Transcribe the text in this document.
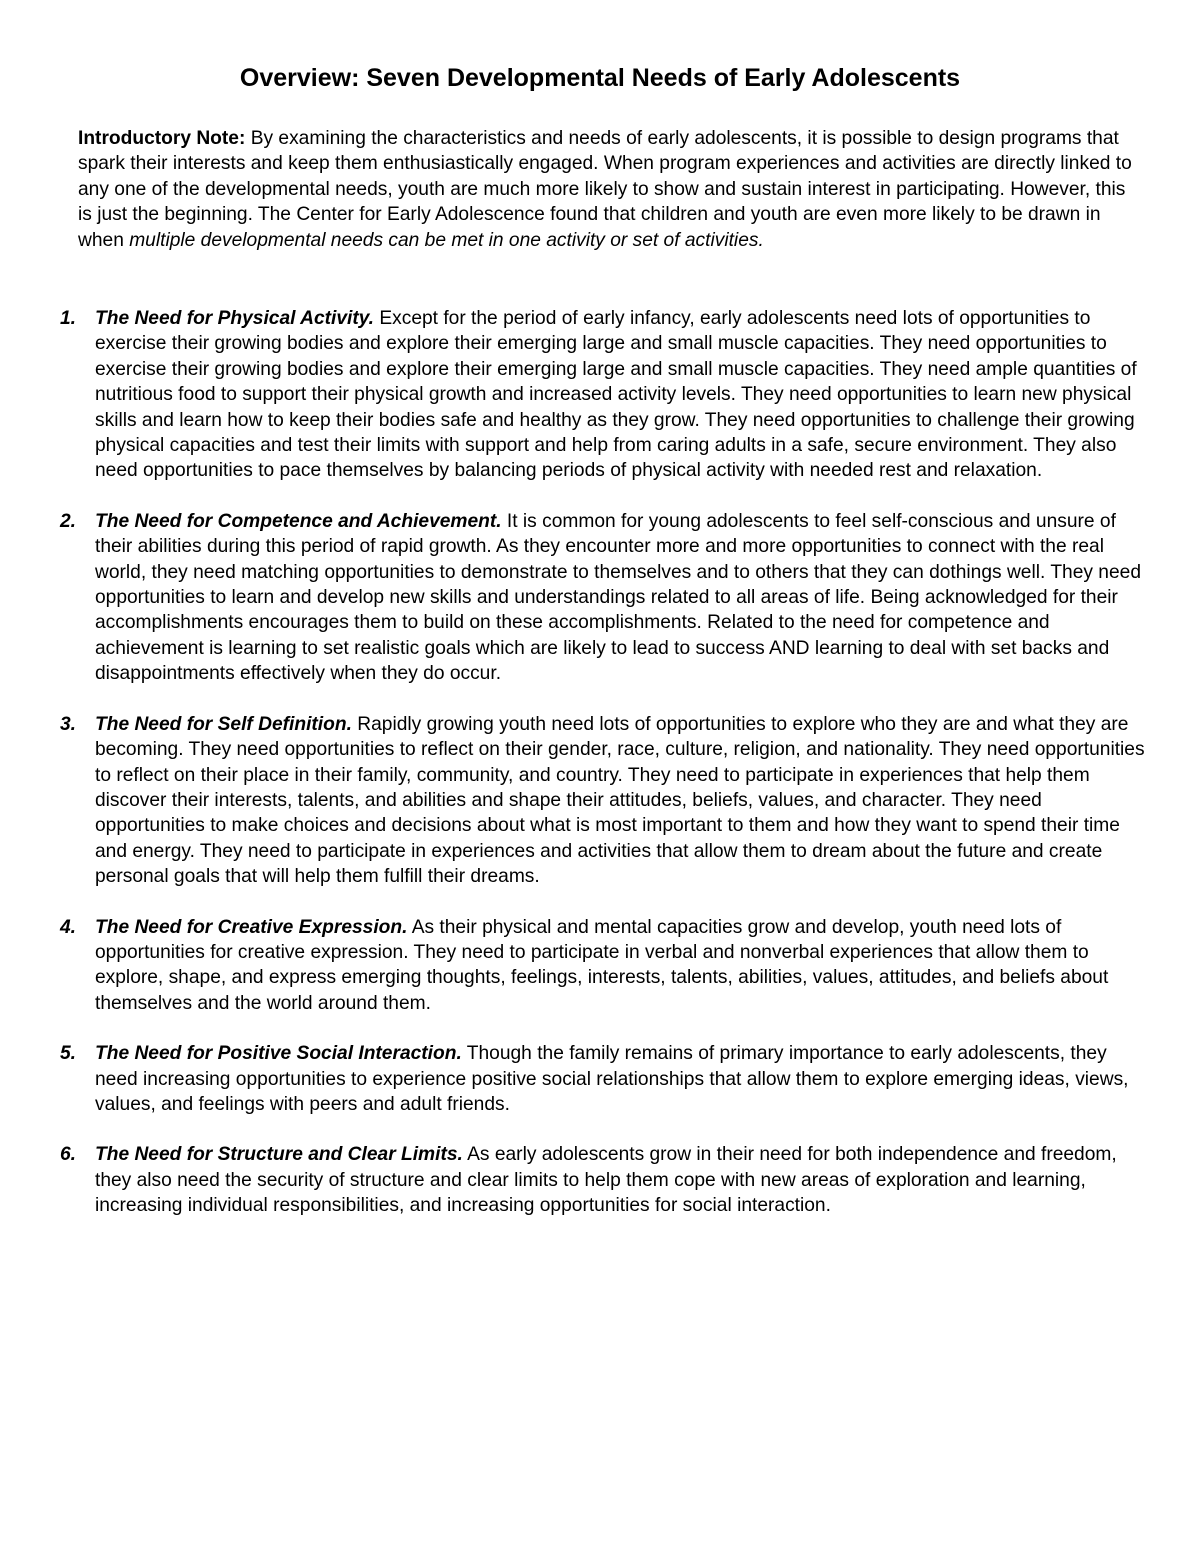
Overview: Seven Developmental Needs of Early Adolescents

Introductory Note: By examining the characteristics and needs of early adolescents, it is possible to design programs that spark their interests and keep them enthusiastically engaged. When program experiences and activities are directly linked to any one of the developmental needs, youth are much more likely to show and sustain interest in participating. However, this is just the beginning. The Center for Early Adolescence found that children and youth are even more likely to be drawn in when multiple developmental needs can be met in one activity or set of activities.

1. The Need for Physical Activity. Except for the period of early infancy, early adolescents need lots of opportunities to exercise their growing bodies and explore their emerging large and small muscle capacities. They need opportunities to exercise their growing bodies and explore their emerging large and small muscle capacities. They need ample quantities of nutritious food to support their physical growth and increased activity levels. They need opportunities to learn new physical skills and learn how to keep their bodies safe and healthy as they grow. They need opportunities to challenge their growing physical capacities and test their limits with support and help from caring adults in a safe, secure environment. They also need opportunities to pace themselves by balancing periods of physical activity with needed rest and relaxation.
2. The Need for Competence and Achievement. It is common for young adolescents to feel self-conscious and unsure of their abilities during this period of rapid growth. As they encounter more and more opportunities to connect with the real world, they need matching opportunities to demonstrate to themselves and to others that they can dothings well. They need opportunities to learn and develop new skills and understandings related to all areas of life. Being acknowledged for their accomplishments encourages them to build on these accomplishments. Related to the need for competence and achievement is learning to set realistic goals which are likely to lead to success AND learning to deal with set backs and disappointments effectively when they do occur.
3. The Need for Self Definition. Rapidly growing youth need lots of opportunities to explore who they are and what they are becoming. They need opportunities to reflect on their gender, race, culture, religion, and nationality. They need opportunities to reflect on their place in their family, community, and country. They need to participate in experiences that help them discover their interests, talents, and abilities and shape their attitudes, beliefs, values, and character. They need opportunities to make choices and decisions about what is most important to them and how they want to spend their time and energy. They need to participate in experiences and activities that allow them to dream about the future and create personal goals that will help them fulfill their dreams.
4. The Need for Creative Expression. As their physical and mental capacities grow and develop, youth need lots of opportunities for creative expression. They need to participate in verbal and nonverbal experiences that allow them to explore, shape, and express emerging thoughts, feelings, interests, talents, abilities, values, attitudes, and beliefs about themselves and the world around them.
5. The Need for Positive Social Interaction. Though the family remains of primary importance to early adolescents, they need increasing opportunities to experience positive social relationships that allow them to explore emerging ideas, views, values, and feelings with peers and adult friends.
6. The Need for Structure and Clear Limits. As early adolescents grow in their need for both independence and freedom, they also need the security of structure and clear limits to help them cope with new areas of exploration and learning, increasing individual responsibilities, and increasing opportunities for social interaction.
